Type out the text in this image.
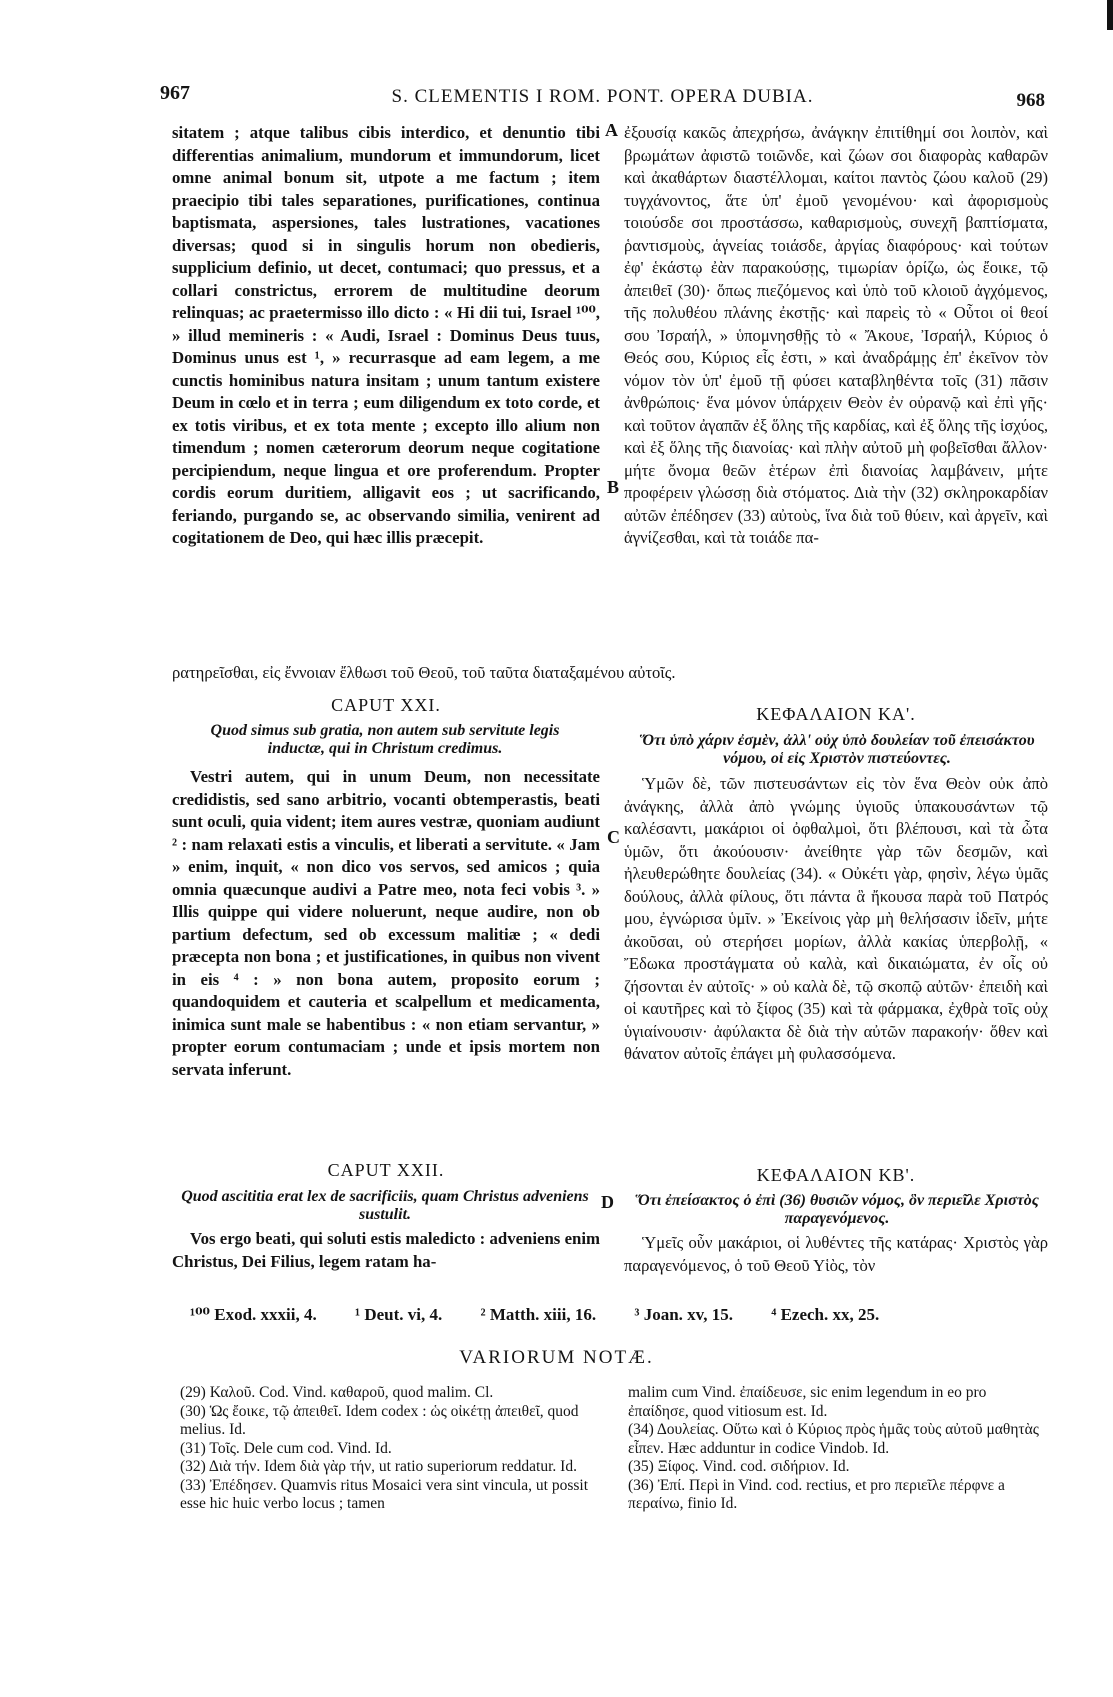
967	S. CLEMENTIS I ROM. PONT. OPERA DUBIA.	968
A
B
C
D

sitatem ; atque talibus cibis interdico, et denuntio tibi differentias animalium, mundorum et immundorum, licet omne animal bonum sit, utpote a me factum ; item praecipio tibi tales separationes, purificationes, continua baptismata, aspersiones, tales lustrationes, vacationes diversas; quod si in singulis horum non obedieris, supplicium definio, ut decet, contumaci; quo pressus, et a collari constrictus, errorem de multitudine deorum relinquas; ac praetermisso illo dicto : « Hi dii tui, Israel ¹⁰⁰, » illud memineris : « Audi, Israel : Dominus Deus tuus, Dominus unus est ¹, » recurrasque ad eam legem, a me cunctis hominibus natura insitam ; unum tantum existere Deum in cœlo et in terra ; eum diligendum ex toto corde, et ex totis viribus, et ex tota mente ; excepto illo alium non timendum ; nomen cæterorum deorum neque cogitatione percipiendum, neque lingua et ore proferendum. Propter cordis eorum duritiem, alligavit eos ; ut sacrificando, feriando, purgando se, ac observando similia, venirent ad cogitationem de Deo, qui hæc illis præcepit.

ἐξουσίᾳ κακῶς ἀπεχρήσω, ἀνάγκην ἐπιτίθημί σοι λοιπὸν, καὶ βρωμάτων ἀφιστῶ τοιῶνδε, καὶ ζώων σοι διαφορὰς καθαρῶν καὶ ἀκαθάρτων διαστέλλομαι, καίτοι παντὸς ζώου καλοῦ (29) τυγχάνοντος, ἅτε ὑπ' ἐμοῦ γενομένου· καὶ ἀφορισμοὺς τοιούσδε σοι προστάσσω, καθαρισμοὺς, συνεχῆ βαπτίσματα, ῥαντισμοὺς, ἁγνείας τοιάσδε, ἀργίας διαφόρους· καὶ τούτων ἐφ' ἑκάστῳ ἐὰν παρακούσῃς, τιμωρίαν ὁρίζω, ὡς ἔοικε, τῷ ἀπειθεῖ (30)· ὅπως πιεζόμενος καὶ ὑπὸ τοῦ κλοιοῦ ἀγχόμενος, τῆς πολυθέου πλάνης ἐκστῇς· καὶ παρεὶς τὸ « Οὗτοι οἱ θεοί σου Ἰσραήλ, » ὑπομνησθῇς τὸ « Ἄκουε, Ἰσραήλ, Κύριος ὁ Θεός σου, Κύριος εἷς ἐστι, » καὶ ἀναδράμῃς ἐπ' ἐκεῖνον τὸν νόμον τὸν ὑπ' ἐμοῦ τῇ φύσει καταβληθέντα τοῖς (31) πᾶσιν ἀνθρώποις· ἕνα μόνον ὑπάρχειν Θεὸν ἐν οὐρανῷ καὶ ἐπὶ γῆς· καὶ τοῦτον ἀγαπᾶν ἐξ ὅλης τῆς καρδίας, καὶ ἐξ ὅλης τῆς ἰσχύος, καὶ ἐξ ὅλης τῆς διανοίας· καὶ πλὴν αὐτοῦ μὴ φοβεῖσθαι ἄλλον· μήτε ὄνομα θεῶν ἑτέρων ἐπὶ διανοίας λαμβάνειν, μήτε προφέρειν γλώσσῃ διὰ στόματος. Διὰ τὴν (32) σκληροκαρδίαν αὐτῶν ἐπέδησεν (33) αὐτοὺς, ἵνα διὰ τοῦ θύειν, καὶ ἀργεῖν, καὶ ἁγνίζεσθαι, καὶ τὰ τοιάδε πα-

ρατηρεῖσθαι, εἰς ἔννοιαν ἔλθωσι τοῦ Θεοῦ, τοῦ ταῦτα διαταξαμένου αὐτοῖς.
CAPUT XXI.	ΚΕΦΑΛΑΙΟΝ ΚΑ'.
Quod simus sub gratia, non autem sub servitute legis inductæ, qui in Christum credimus.	Ὅτι ὑπὸ χάριν ἐσμὲν, ἀλλ' οὐχ ὑπὸ δουλείαν τοῦ ἐπεισάκτου νόμου, οἱ εἰς Χριστὸν πιστεύοντες.

Vestri autem, qui in unum Deum, non necessitate credidistis, sed sano arbitrio, vocanti obtemperastis, beati sunt oculi, quia vident; item aures vestræ, quoniam audiunt ² : nam relaxati estis a vinculis, et liberati a servitute. « Jam » enim, inquit, « non dico vos servos, sed amicos ; quia omnia quæcunque audivi a Patre meo, nota feci vobis ³. » Illis quippe qui videre noluerunt, neque audire, non ob partium defectum, sed ob excessum malitiæ ; « dedi præcepta non bona ; et justificationes, in quibus non vivent in eis ⁴ : » non bona autem, proposito eorum ; quandoquidem et cauteria et scalpellum et medicamenta, inimica sunt male se habentibus : « non etiam servantur, » propter eorum contumaciam ; unde et ipsis mortem non servata inferunt.

Ὑμῶν δὲ, τῶν πιστευσάντων εἰς τὸν ἕνα Θεὸν οὐκ ἀπὸ ἀνάγκης, ἀλλὰ ἀπὸ γνώμης ὑγιοῦς ὑπακουσάντων τῷ καλέσαντι, μακάριοι οἱ ὀφθαλμοὶ, ὅτι βλέπουσι, καὶ τὰ ὦτα ὑμῶν, ὅτι ἀκούουσιν· ἀνείθητε γὰρ τῶν δεσμῶν, καὶ ἠλευθερώθητε δουλείας (34). « Οὐκέτι γὰρ, φησὶν, λέγω ὑμᾶς δούλους, ἀλλὰ φίλους, ὅτι πάντα ἃ ἤκουσα παρὰ τοῦ Πατρός μου, ἐγνώρισα ὑμῖν. » Ἐκείνοις γὰρ μὴ θελήσασιν ἰδεῖν, μήτε ἀκοῦσαι, οὐ στερήσει μορίων, ἀλλὰ κακίας ὑπερβολῇ, « Ἔδωκα προστάγματα οὐ καλὰ, καὶ δικαιώματα, ἐν οἷς οὐ ζήσονται ἐν αὐτοῖς· » οὐ καλὰ δὲ, τῷ σκοπῷ αὐτῶν· ἐπειδὴ καὶ οἱ καυτῆρες καὶ τὸ ξίφος (35) καὶ τὰ φάρμακα, ἐχθρὰ τοῖς οὐχ ὑγιαίνουσιν· ἀφύλακτα δὲ διὰ τὴν αὐτῶν παρακοήν· ὅθεν καὶ θάνατον αὐτοῖς ἐπάγει μὴ φυλασσόμενα.

CAPUT XXII.	ΚΕΦΑΛΑΙΟΝ ΚΒ'.
Quod ascititia erat lex de sacrificiis, quam Christus adveniens sustulit.
Ὅτι ἐπείσακτος ὁ ἐπὶ (36) θυσιῶν νόμος, ὃν περιεῖλε Χριστὸς παραγενόμενος.

Vos ergo beati, qui soluti estis maledicto : adveniens enim Christus, Dei Filius, legem ratam ha-

Ὑμεῖς οὖν μακάριοι, οἱ λυθέντες τῆς κατάρας· Χριστὸς γὰρ παραγενόμενος, ὁ τοῦ Θεοῦ Υἱὸς, τὸν

¹⁰⁰ Exod. xxxii, 4. ¹ Deut. vi, 4. ² Matth. xiii, 16. ³ Joan. xv, 15. ⁴ Ezech. xx, 25.
VARIORUM NOTÆ.

(29) Καλοῦ. Cod. Vind. καθαροῦ, quod malim. Cl.

(30) Ὡς ἔοικε, τῷ ἀπειθεῖ. Idem codex : ὡς οἰκέτῃ ἀπειθεῖ, quod melius. Id.

(31) Τοῖς. Dele cum cod. Vind. Id.

(32) Διὰ τήν. Idem διὰ γὰρ τήν, ut ratio superiorum reddatur. Id.

(33) Ἐπέδησεν. Quamvis ritus Mosaici vera sint vincula, ut possit esse hic huic verbo locus ; tamen

malim cum Vind. ἐπαίδευσε, sic enim legendum in eo pro ἐπαίδησε, quod vitiosum est. Id.

(34) Δουλείας. Οὕτω καὶ ὁ Κύριος πρὸς ἡμᾶς τοὺς αὐτοῦ μαθητὰς εἶπεν. Hæc adduntur in codice Vindob. Id.

(35) Ξίφος. Vind. cod. σιδήριον. Id.

(36) Ἐπί. Περὶ in Vind. cod. rectius, et pro περιεῖλε πέρφνε a περαίνω, finio Id.
